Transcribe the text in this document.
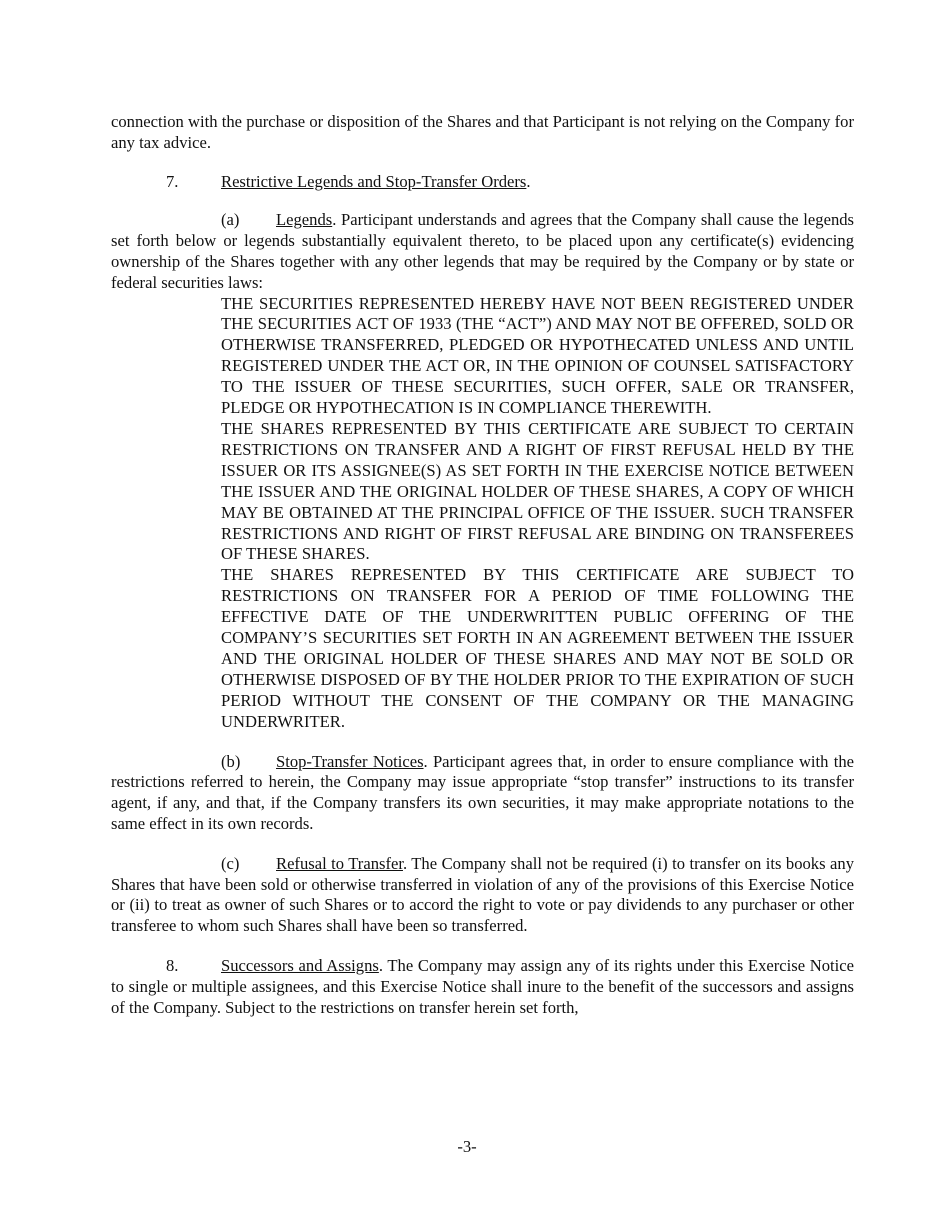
connection with the purchase or disposition of the Shares and that Participant is not relying on the Company for any tax advice.

7.	Restrictive Legends and Stop-Transfer Orders.

(a) Legends. Participant understands and agrees that the Company shall cause the legends set forth below or legends substantially equivalent thereto, to be placed upon any certificate(s) evidencing ownership of the Shares together with any other legends that may be required by the Company or by state or federal securities laws:

THE SECURITIES REPRESENTED HEREBY HAVE NOT BEEN REGISTERED UNDER THE SECURITIES ACT OF 1933 (THE “ACT”) AND MAY NOT BE OFFERED, SOLD OR OTHERWISE TRANSFERRED, PLEDGED OR HYPOTHECATED UNLESS AND UNTIL REGISTERED UNDER THE ACT OR, IN THE OPINION OF COUNSEL SATISFACTORY TO THE ISSUER OF THESE SECURITIES, SUCH OFFER, SALE OR TRANSFER, PLEDGE OR HYPOTHECATION IS IN COMPLIANCE THEREWITH.

THE SHARES REPRESENTED BY THIS CERTIFICATE ARE SUBJECT TO CERTAIN RESTRICTIONS ON TRANSFER AND A RIGHT OF FIRST REFUSAL HELD BY THE ISSUER OR ITS ASSIGNEE(S) AS SET FORTH IN THE EXERCISE NOTICE BETWEEN THE ISSUER AND THE ORIGINAL HOLDER OF THESE SHARES, A COPY OF WHICH MAY BE OBTAINED AT THE PRINCIPAL OFFICE OF THE ISSUER. SUCH TRANSFER RESTRICTIONS AND RIGHT OF FIRST REFUSAL ARE BINDING ON TRANSFEREES OF THESE SHARES.

THE SHARES REPRESENTED BY THIS CERTIFICATE ARE SUBJECT TO RESTRICTIONS ON TRANSFER FOR A PERIOD OF TIME FOLLOWING THE EFFECTIVE DATE OF THE UNDERWRITTEN PUBLIC OFFERING OF THE COMPANY’S SECURITIES SET FORTH IN AN AGREEMENT BETWEEN THE ISSUER AND THE ORIGINAL HOLDER OF THESE SHARES AND MAY NOT BE SOLD OR OTHERWISE DISPOSED OF BY THE HOLDER PRIOR TO THE EXPIRATION OF SUCH PERIOD WITHOUT THE CONSENT OF THE COMPANY OR THE MANAGING UNDERWRITER.

(b) Stop-Transfer Notices. Participant agrees that, in order to ensure compliance with the restrictions referred to herein, the Company may issue appropriate “stop transfer” instructions to its transfer agent, if any, and that, if the Company transfers its own securities, it may make appropriate notations to the same effect in its own records.

(c) Refusal to Transfer. The Company shall not be required (i) to transfer on its books any Shares that have been sold or otherwise transferred in violation of any of the provisions of this Exercise Notice or (ii) to treat as owner of such Shares or to accord the right to vote or pay dividends to any purchaser or other transferee to whom such Shares shall have been so transferred.

8.	Successors and Assigns. The Company may assign any of its rights under this Exercise Notice to single or multiple assignees, and this Exercise Notice shall inure to the benefit of the successors and assigns of the Company. Subject to the restrictions on transfer herein set forth,

-3-
